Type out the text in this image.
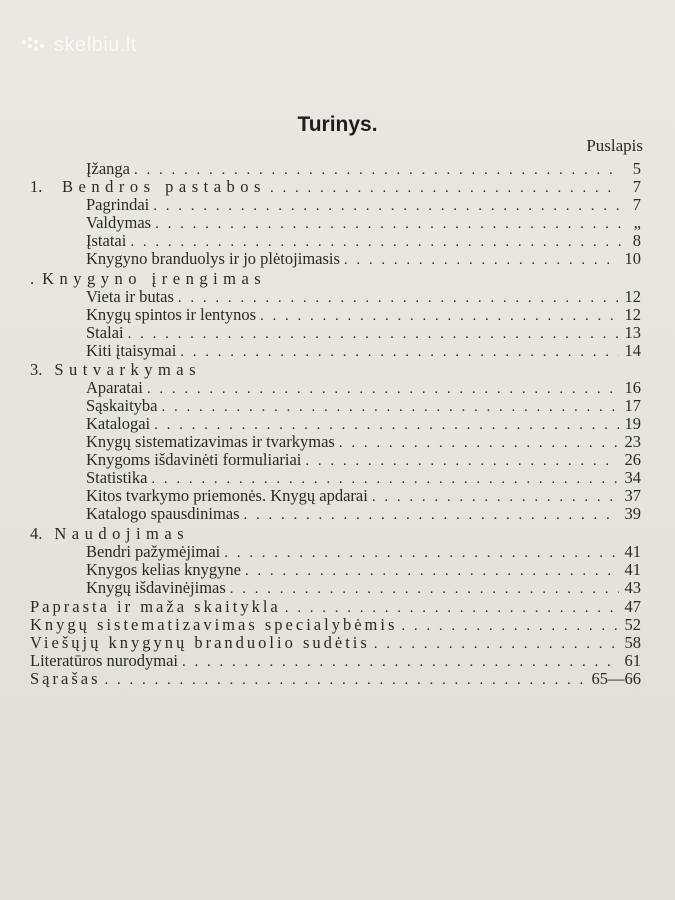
skelbiu.lt
Turinys.
Puslapis
Įžanga . . .	5
1.	Bendros pastabos . . .	7
Pagrindai . . .	7
Valdymas . . .	„
Įstatai . . .	8
Knygyno branduolys ir jo plėtojimasis . . .	10
. Knygyno įrengimas
Vieta ir butas . . .	12
Knygų spintos ir lentynos . . .	12
Stalai . . .	13
Kiti įtaisymai . . .	14
3. Sutvarkymas
Aparatai . . .	16
Sąskaityba . . .	17
Katalogai . . .	19
Knygų sistematizavimas ir tvarkymas . . .	23
Knygoms išdavinėti formuliariai . . .	26
Statistika . . .	34
Kitos tvarkymo priemonės. Knygų apdarai . . .	37
Katalogo spausdinimas . . .	39
4. Naudojimas
Bendri pažymėjimai . . .	41
Knygos kelias knygyne . . .	41
Knygų išdavinėjimas . . .	43
Paprasta ir maža skaitykla . . .	47
Knygų sistematizavimas specialybėmis . . .	52
Viešųjų knygynų branduolio sudėtis . . .	58
Literatūros nurodymai . . .	61
Sąrašas . . .	65—66
